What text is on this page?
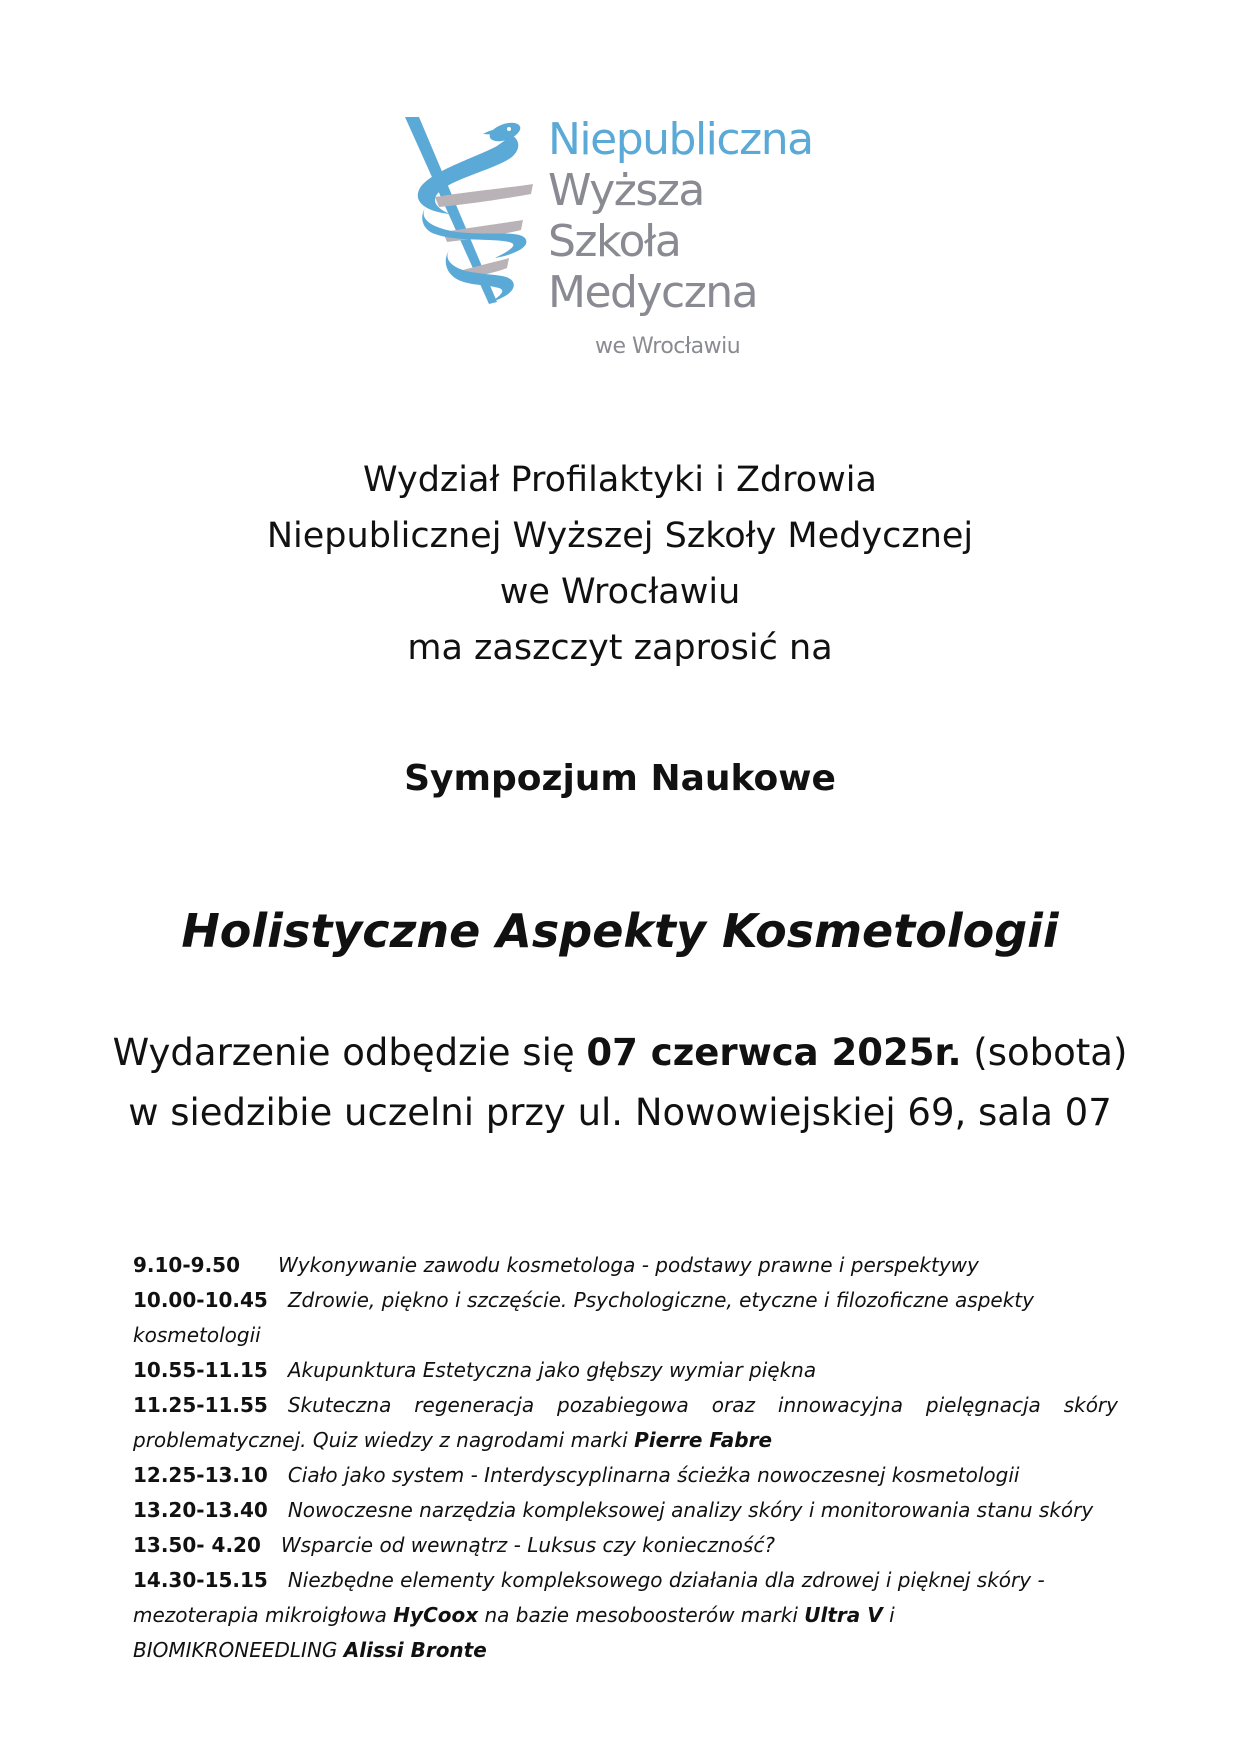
Niepubliczna
Wyższa
Szkoła
Medyczna
we Wrocławiu
Wydział Profilaktyki i Zdrowia
Niepublicznej Wyższej Szkoły Medycznej
we Wrocławiu
ma zaszczyt zaprosić na
Sympozjum Naukowe
Holistyczne Aspekty Kosmetologii
Wydarzenie odbędzie się 07 czerwca 2025r. (sobota)
w siedzibie uczelni przy ul. Nowowiejskiej 69, sala 07

9.10-9.50 Wykonywanie zawodu kosmetologa - podstawy prawne i perspektywy

10.00-10.45 Zdrowie, piękno i szczęście. Psychologiczne, etyczne i filozoficzne aspekty kosmetologii

10.55-11.15 Akupunktura Estetyczna jako głębszy wymiar piękna

11.25-11.55 Skuteczna regeneracja pozabiegowa oraz innowacyjna pielęgnacja skóry problematycznej. Quiz wiedzy z nagrodami marki Pierre Fabre

12.25-13.10 Ciało jako system - Interdyscyplinarna ścieżka nowoczesnej kosmetologii

13.20-13.40 Nowoczesne narzędzia kompleksowej analizy skóry i monitorowania stanu skóry

13.50- 4.20 Wsparcie od wewnątrz - Luksus czy konieczność?

14.30-15.15 Niezbędne elementy kompleksowego działania dla zdrowej i pięknej skóry - mezoterapia mikroigłowa HyCoox na bazie mesoboosterów marki Ultra V i   BIOMIKRONEEDLING Alissi Bronte
